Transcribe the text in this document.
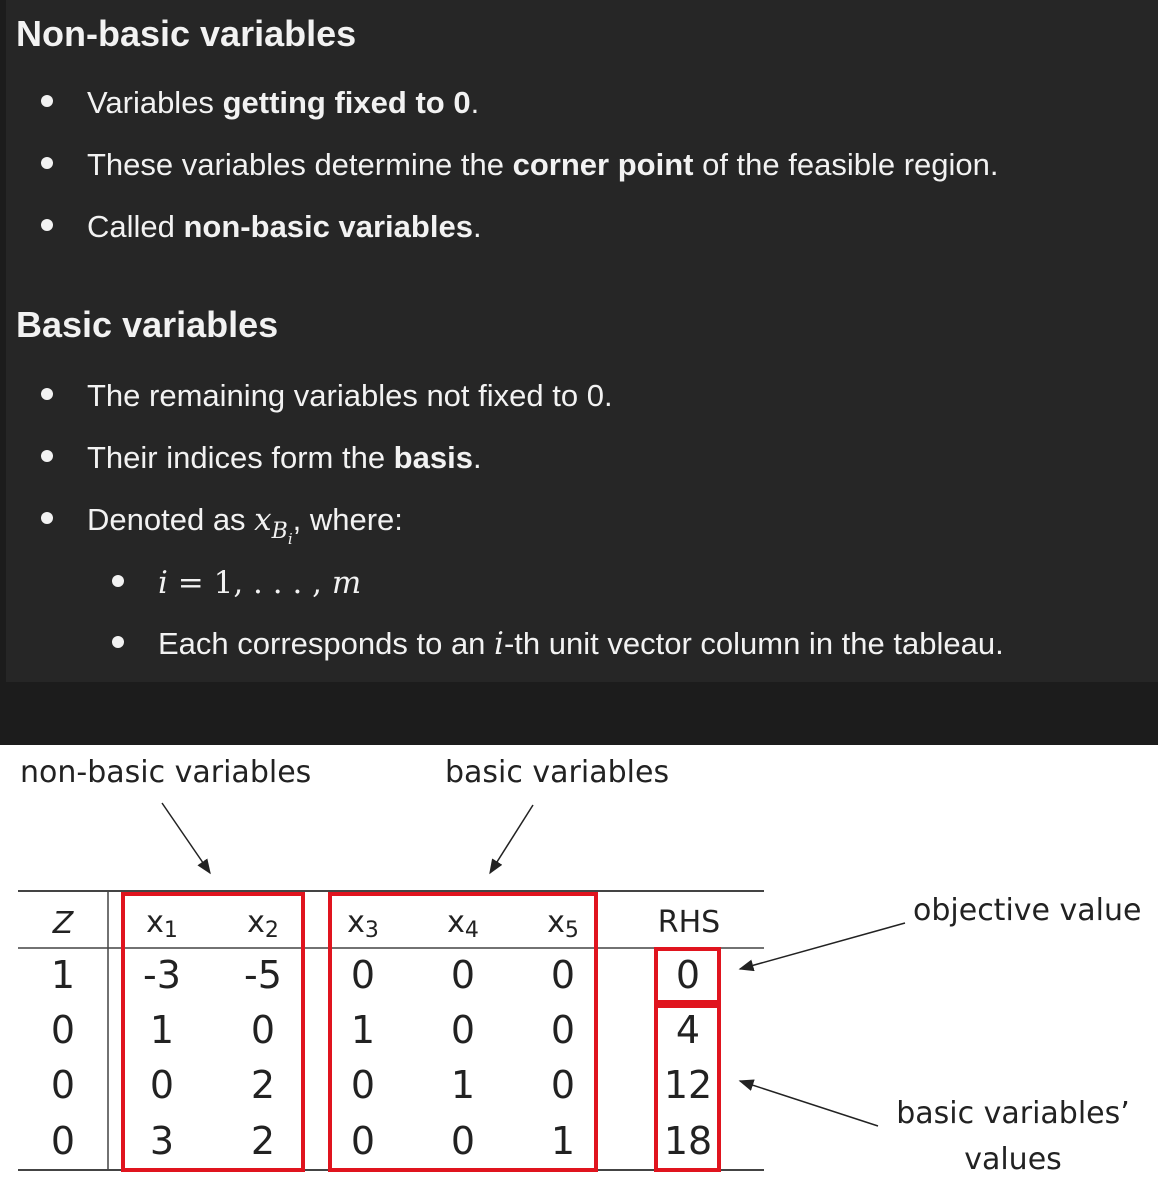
Non-basic variables
Variables getting fixed to 0.
These variables determine the corner point of the feasible region.
Called non-basic variables.
Basic variables
The remaining variables not fixed to 0.
Their indices form the basis.
Denoted as $x_{B_i}$, where:
i = 1, . . . , m
Each corresponds to an i-th unit vector column in the tableau.
non-basic variables	basic variables
objective value
basic variables’
values
Z x1 x2 x3 x4 x5	RHS
1 -3 -5 0 0 0	0
0 1 0 1 0 0	4
0 0 2 0 1 0 12
0 3 2 0 0 1 18
